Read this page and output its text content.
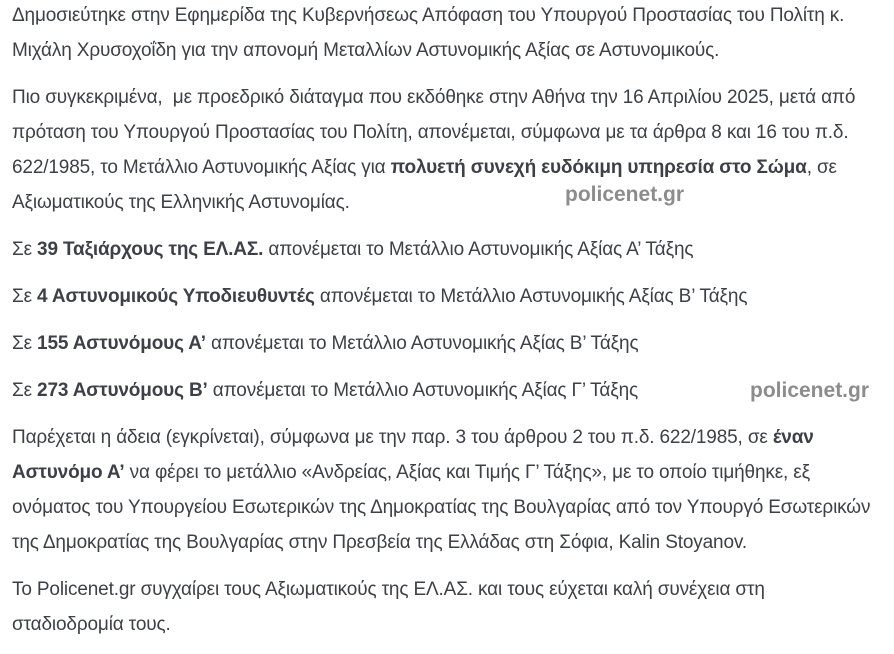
Δημοσιεύτηκε στην Εφημερίδα της Κυβερνήσεως Απόφαση του Υπουργού Προστασίας του Πολίτη κ.
Μιχάλη Χρυσοχοΐδη για την απονομή Μεταλλίων Αστυνομικής Αξίας σε Αστυνομικούς.
Πιο συγκεκριμένα,  με προεδρικό διάταγμα που εκδόθηκε στην Αθήνα την 16 Απριλίου 2025, μετά από
πρόταση του Υπουργού Προστασίας του Πολίτη, απονέμεται, σύμφωνα με τα άρθρα 8 και 16 του π.δ.
622/1985, το Μετάλλιο Αστυνομικής Αξίας για πολυετή συνεχή ευδόκιμη υπηρεσία στο Σώμα, σε
Αξιωματικούς της Ελληνικής Αστυνομίας.
Σε 39 Ταξιάρχους της ΕΛ.ΑΣ. απονέμεται το Μετάλλιο Αστυνομικής Αξίας Α’ Τάξης
Σε 4 Αστυνομικούς Υποδιευθυντές απονέμεται το Μετάλλιο Αστυνομικής Αξίας Β’ Τάξης
Σε 155 Αστυνόμους Α’ απονέμεται το Μετάλλιο Αστυνομικής Αξίας Β’ Τάξης
Σε 273 Αστυνόμους Β’ απονέμεται το Μετάλλιο Αστυνομικής Αξίας Γ’ Τάξης
Παρέχεται η άδεια (εγκρίνεται), σύμφωνα με την παρ. 3 του άρθρου 2 του π.δ. 622/1985, σε έναν
Αστυνόμο Α’ να φέρει το μετάλλιο «Ανδρείας, Αξίας και Τιμής Γ’ Τάξης», με το οποίο τιμήθηκε, εξ
ονόματος του Υπουργείου Εσωτερικών της Δημοκρατίας της Βουλγαρίας από τον Υπουργό Εσωτερικών
της Δημοκρατίας της Βουλγαρίας στην Πρεσβεία της Ελλάδας στη Σόφια, Kalin Stoyanov.
Το Policenet.gr συγχαίρει τους Αξιωματικούς της ΕΛ.ΑΣ. και τους εύχεται καλή συνέχεια στη
σταδιοδρομία τους.
policenet.gr
policenet.gr
